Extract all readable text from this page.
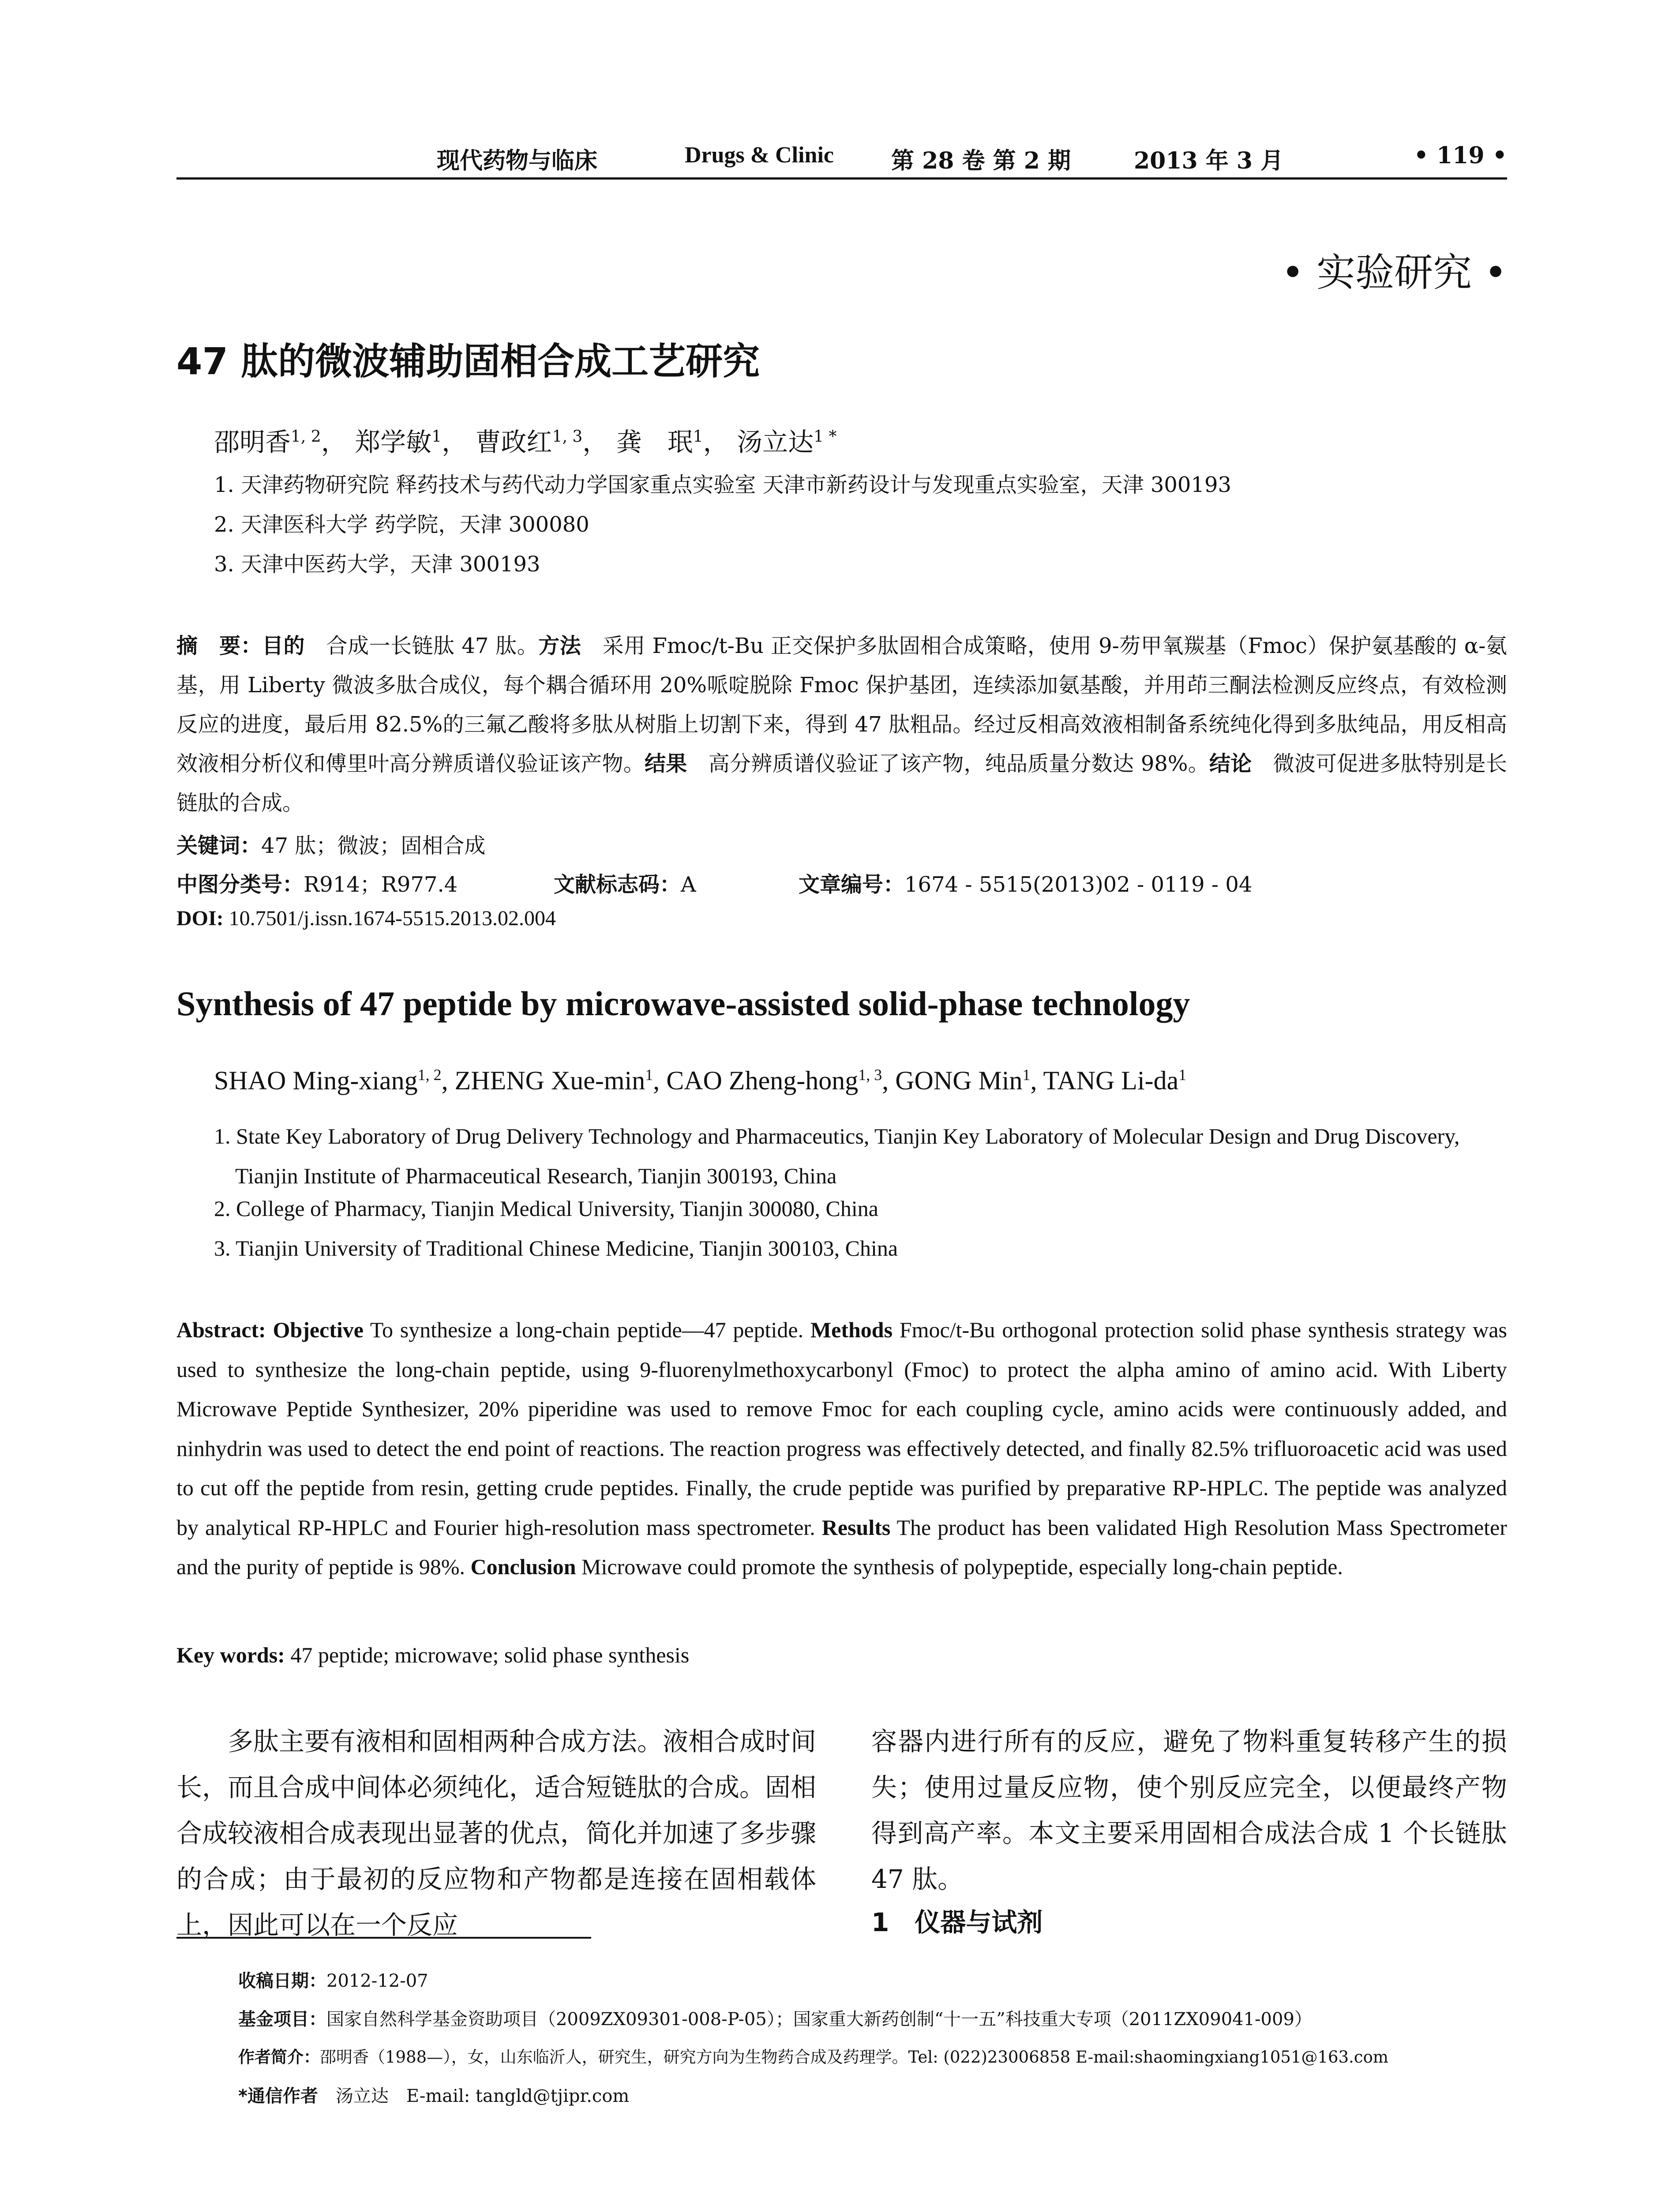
现代药物与临床	Drugs & Clinic	第 28 卷 第 2 期	2013 年 3 月	• 119 •
• 实验研究 •
47 肽的微波辅助固相合成工艺研究
邵明香$^{1, 2}$， 郑学敏$^1$， 曹政红$^{1, 3}$， 龚　珉$^1$， 汤立达$^{1 *}$
1. 天津药物研究院 释药技术与药代动力学国家重点实验室 天津市新药设计与发现重点实验室，天津 300193
2. 天津医科大学 药学院，天津 300080
3. 天津中医药大学，天津 300193
摘　要：目的　合成一长链肽 47 肽。方法　采用 Fmoc/t-Bu 正交保护多肽固相合成策略，使用 9-芴甲氧羰基（Fmoc）保护氨基酸的 α-氨基，用 Liberty 微波多肽合成仪，每个耦合循环用 20%哌啶脱除 Fmoc 保护基团，连续添加氨基酸，并用茚三酮法检测反应终点，有效检测反应的进度，最后用 82.5%的三氟乙酸将多肽从树脂上切割下来，得到 47 肽粗品。经过反相高效液相制备系统纯化得到多肽纯品，用反相高效液相分析仪和傅里叶高分辨质谱仪验证该产物。结果　高分辨质谱仪验证了该产物，纯品质量分数达 98%。结论　微波可促进多肽特别是长链肽的合成。
关键词：47 肽；微波；固相合成
中图分类号：R914；R977.4	文献标志码：A	文章编号：1674 - 5515(2013)02 - 0119 - 04
DOI: 10.7501/j.issn.1674-5515.2013.02.004
Synthesis of 47 peptide by microwave-assisted solid-phase technology
SHAO Ming-xiang$^{1, 2}$, ZHENG Xue-$\min^1$, CAO Zheng-hong$^{1, 3}$, GONG Min$^1$, TANG $Li-da^1$
1. State Key Laboratory of Drug Delivery Technology and Pharmaceutics, Tianjin Key Laboratory of Molecular Design and Drug Discovery, Tianjin Institute of Pharmaceutical Research, Tianjin 300193, China
2. College of Pharmacy, Tianjin Medical University, Tianjin 300080, China
3. Tianjin University of Traditional Chinese Medicine, Tianjin 300103, China
Abstract: Objective To synthesize a long-chain peptide—47 peptide. Methods Fmoc/t-Bu orthogonal protection solid phase synthesis strategy was used to synthesize the long-chain peptide, using 9-fluorenylmethoxycarbonyl (Fmoc) to protect the alpha amino of amino acid. With Liberty Microwave Peptide Synthesizer, 20% piperidine was used to remove Fmoc for each coupling cycle, amino acids were continuously added, and ninhydrin was used to detect the end point of reactions. The reaction progress was effectively detected, and finally 82.5% trifluoroacetic acid was used to cut off the peptide from resin, getting crude peptides. Finally, the crude peptide was purified by preparative RP-HPLC. The peptide was analyzed by analytical RP-HPLC and Fourier high-resolution mass spectrometer. Results The product has been validated High Resolution Mass Spectrometer and the purity of peptide is 98%. Conclusion Microwave could promote the synthesis of polypeptide, especially long-chain peptide.
Key words: 47 peptide; microwave; solid phase synthesis
　　多肽主要有液相和固相两种合成方法。液相合成时间长，而且合成中间体必须纯化，适合短链肽的合成。固相合成较液相合成表现出显著的优点，简化并加速了多步骤的合成；由于最初的反应物和产物都是连接在固相载体上，因此可以在一个反应
容器内进行所有的反应，避免了物料重复转移产生的损失；使用过量反应物，使个别反应完全，以便最终产物得到高产率。本文主要采用固相合成法合成 1 个长链肽 47 肽。
1　仪器与试剂
收稿日期：2012-12-07
基金项目：国家自然科学基金资助项目（2009ZX09301-008-P-05）；国家重大新药创制“十一五”科技重大专项（2011ZX09041-009）
作者简介：邵明香（1988—），女，山东临沂人，研究生，研究方向为生物药合成及药理学。Tel: (022)23006858 E-mail:shaomingxiang1051@163.com
*通信作者　汤立达　E-mail: tangld@tjipr.com
